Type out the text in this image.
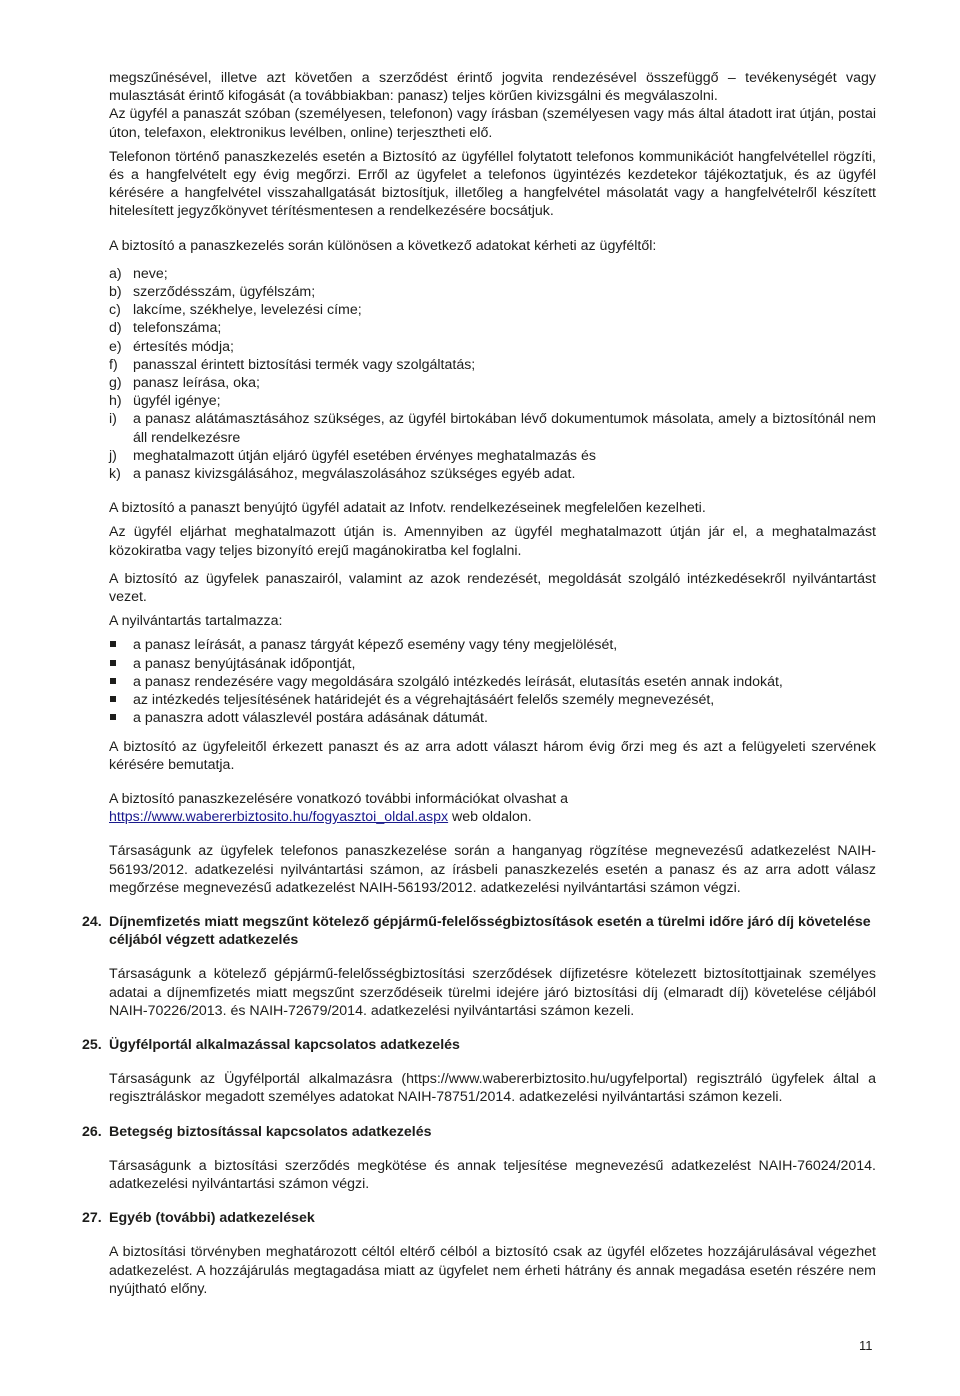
megszűnésével, illetve azt követően a szerződést érintő jogvita rendezésével összefüggő – tevékenységét vagy mulasztását érintő kifogását (a továbbiakban: panasz) teljes körűen kivizsgálni és megválaszolni.

Az ügyfél a panaszát szóban (személyesen, telefonon) vagy írásban (személyesen vagy más által átadott irat útján, postai úton, telefaxon, elektronikus levélben, online) terjesztheti elő.

Telefonon történő panaszkezelés esetén a Biztosító az ügyféllel folytatott telefonos kommunikációt hangfelvétellel rögzíti, és a hangfelvételt egy évig megőrzi. Erről az ügyfelet a telefonos ügyintézés kezdetekor tájékoztatjuk, és az ügyfél kérésére a hangfelvétel visszahallgatását biztosítjuk, illetőleg a hangfelvétel másolatát vagy a hangfelvételről készített hitelesített jegyzőkönyvet térítésmentesen a rendelkezésére bocsátjuk.

A biztosító a panaszkezelés során különösen a következő adatokat kérheti az ügyféltől:

a) neve;
b) szerződésszám, ügyfélszám;
c) lakcíme, székhelye, levelezési címe;
d) telefonszáma;
e) értesítés módja;
f) panasszal érintett biztosítási termék vagy szolgáltatás;
g) panasz leírása, oka;
h) ügyfél igénye;
i) a panasz alátámasztásához szükséges, az ügyfél birtokában lévő dokumentumok másolata, amely a biztosítónál nem áll rendelkezésre
j) meghatalmazott útján eljáró ügyfél esetében érvényes meghatalmazás és
k) a panasz kivizsgálásához, megválaszolásához szükséges egyéb adat.

A biztosító a panaszt benyújtó ügyfél adatait az Infotv. rendelkezéseinek megfelelően kezelheti.

Az ügyfél eljárhat meghatalmazott útján is. Amennyiben az ügyfél meghatalmazott útján jár el, a meghatalmazást közokiratba vagy teljes bizonyító erejű magánokiratba kel foglalni.

A biztosító az ügyfelek panaszairól, valamint az azok rendezését, megoldását szolgáló intézkedésekről nyilvántartást vezet.

A nyilvántartás tartalmazza:

a panasz leírását, a panasz tárgyát képező esemény vagy tény megjelölését,
a panasz benyújtásának időpontját,
a panasz rendezésére vagy megoldására szolgáló intézkedés leírását, elutasítás esetén annak indokát,
az intézkedés teljesítésének határidejét és a végrehajtásáért felelős személy megnevezését,
a panaszra adott válaszlevél postára adásának dátumát.

A biztosító az ügyfeleitől érkezett panaszt és az arra adott választ három évig őrzi meg és azt a felügyeleti szervének kérésére bemutatja.

A biztosító panaszkezelésére vonatkozó további információkat olvashat a
https://www.wabererbiztosito.hu/fogyasztoi_oldal.aspx web oldalon.

Társaságunk az ügyfelek telefonos panaszkezelése során a hanganyag rögzítése megnevezésű adatkezelést NAIH-56193/2012. adatkezelési nyilvántartási számon, az írásbeli panaszkezelés esetén a panasz és az arra adott válasz megőrzése megnevezésű adatkezelést NAIH-56193/2012. adatkezelési nyilvántartási számon végzi.

24. Díjnemfizetés miatt megszűnt kötelező gépjármű-felelősségbiztosítások esetén a türelmi időre járó díj követelése céljából végzett adatkezelés

Társaságunk a kötelező gépjármű-felelősségbiztosítási szerződések díjfizetésre kötelezett biztosítottjainak személyes adatai a díjnemfizetés miatt megszűnt szerződéseik türelmi idejére járó biztosítási díj (elmaradt díj) követelése céljából NAIH-70226/2013. és NAIH-72679/2014. adatkezelési nyilvántartási számon kezeli.

25. Ügyfélportál alkalmazással kapcsolatos adatkezelés

Társaságunk az Ügyfélportál alkalmazásra (https://www.wabererbiztosito.hu/ugyfelportal) regisztráló ügyfelek által a regisztráláskor megadott személyes adatokat NAIH-78751/2014. adatkezelési nyilvántartási számon kezeli.

26. Betegség biztosítással kapcsolatos adatkezelés

Társaságunk a biztosítási szerződés megkötése és annak teljesítése megnevezésű adatkezelést NAIH-76024/2014. adatkezelési nyilvántartási számon végzi.

27. Egyéb (további) adatkezelések

A biztosítási törvényben meghatározott céltól eltérő célból a biztosító csak az ügyfél előzetes hozzájárulásával végezhet adatkezelést. A hozzájárulás megtagadása miatt az ügyfelet nem érheti hátrány és annak megadása esetén részére nem nyújtható előny.

11
